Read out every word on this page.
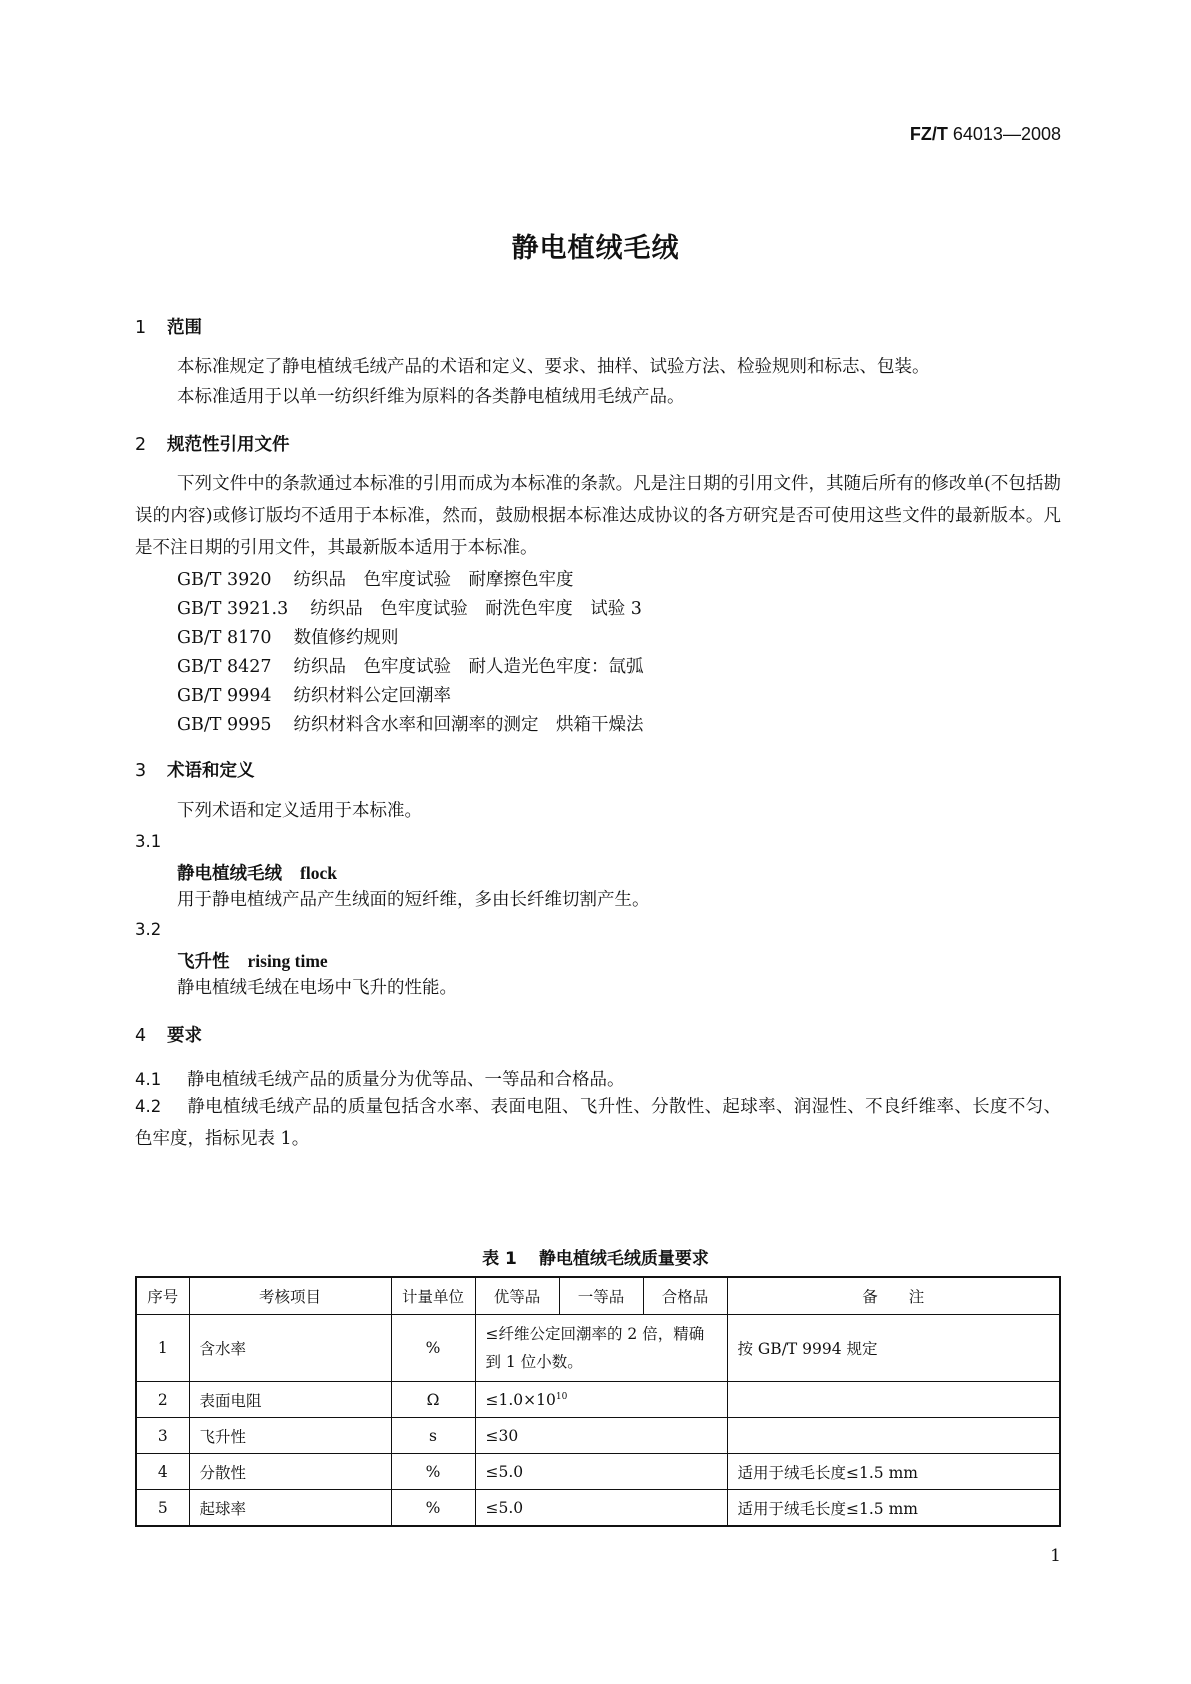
FZ/T 64013—2008
静电植绒毛绒
1 范围
本标准规定了静电植绒毛绒产品的术语和定义、要求、抽样、试验方法、检验规则和标志、包装。
本标准适用于以单一纺织纤维为原料的各类静电植绒用毛绒产品。
2 规范性引用文件
下列文件中的条款通过本标准的引用而成为本标准的条款。凡是注日期的引用文件，其随后所有的修改单(不包括勘误的内容)或修订版均不适用于本标准，然而，鼓励根据本标准达成协议的各方研究是否可使用这些文件的最新版本。凡是不注日期的引用文件，其最新版本适用于本标准。
GB/T 3920 纺织品　色牢度试验　耐摩擦色牢度
GB/T 3921.3 纺织品　色牢度试验　耐洗色牢度　试验 3
GB/T 8170 数值修约规则
GB/T 8427 纺织品　色牢度试验　耐人造光色牢度：氙弧
GB/T 9994 纺织材料公定回潮率
GB/T 9995 纺织材料含水率和回潮率的测定　烘箱干燥法
3 术语和定义
下列术语和定义适用于本标准。
3.1
静电植绒毛绒 flock
用于静电植绒产品产生绒面的短纤维，多由长纤维切割产生。
3.2
飞升性 rising time
静电植绒毛绒在电场中飞升的性能。
4 要求
4.1 静电植绒毛绒产品的质量分为优等品、一等品和合格品。
4.2 静电植绒毛绒产品的质量包括含水率、表面电阻、飞升性、分散性、起球率、润湿性、不良纤维率、长度不匀、色牢度，指标见表 1。
表 1 静电植绒毛绒质量要求
序号	考核项目	计量单位	优等品	一等品	合格品	备　　注
1	含水率	%	≤纤维公定回潮率的 2 倍，精确到 1 位小数。			按 GB/T 9994 规定
2	表面电阻	Ω	$\le 1.0\times 10^{10}$	
3	飞升性	s	≤30			
4	分散性	%	≤5.0			适用于绒毛长度≤1.5 mm
5	起球率	%	≤5.0			适用于绒毛长度≤1.5 mm
1
